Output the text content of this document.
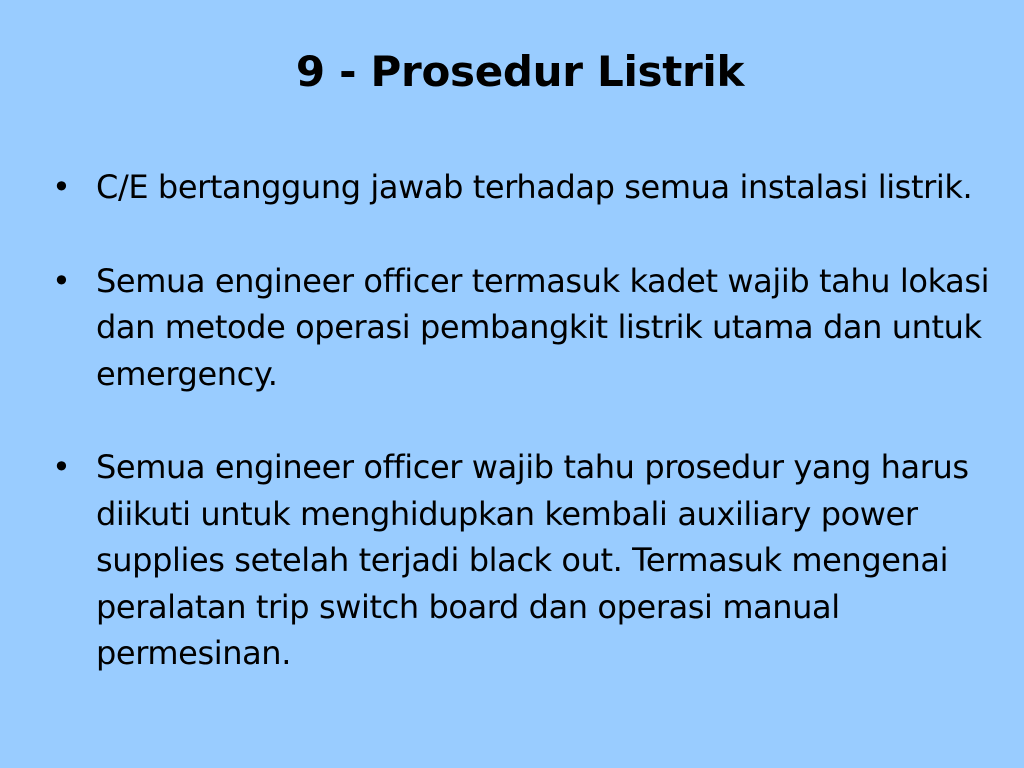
9 - Prosedur Listrik
• C/E bertanggung jawab terhadap semua instalasi listrik.
• Semua engineer officer termasuk kadet wajib tahu lokasi dan metode operasi pembangkit listrik utama dan untuk emergency.
• Semua engineer officer wajib tahu prosedur yang harus diikuti untuk menghidupkan kembali auxiliary power supplies setelah terjadi black out. Termasuk mengenai peralatan trip switch board dan operasi manual permesinan.
